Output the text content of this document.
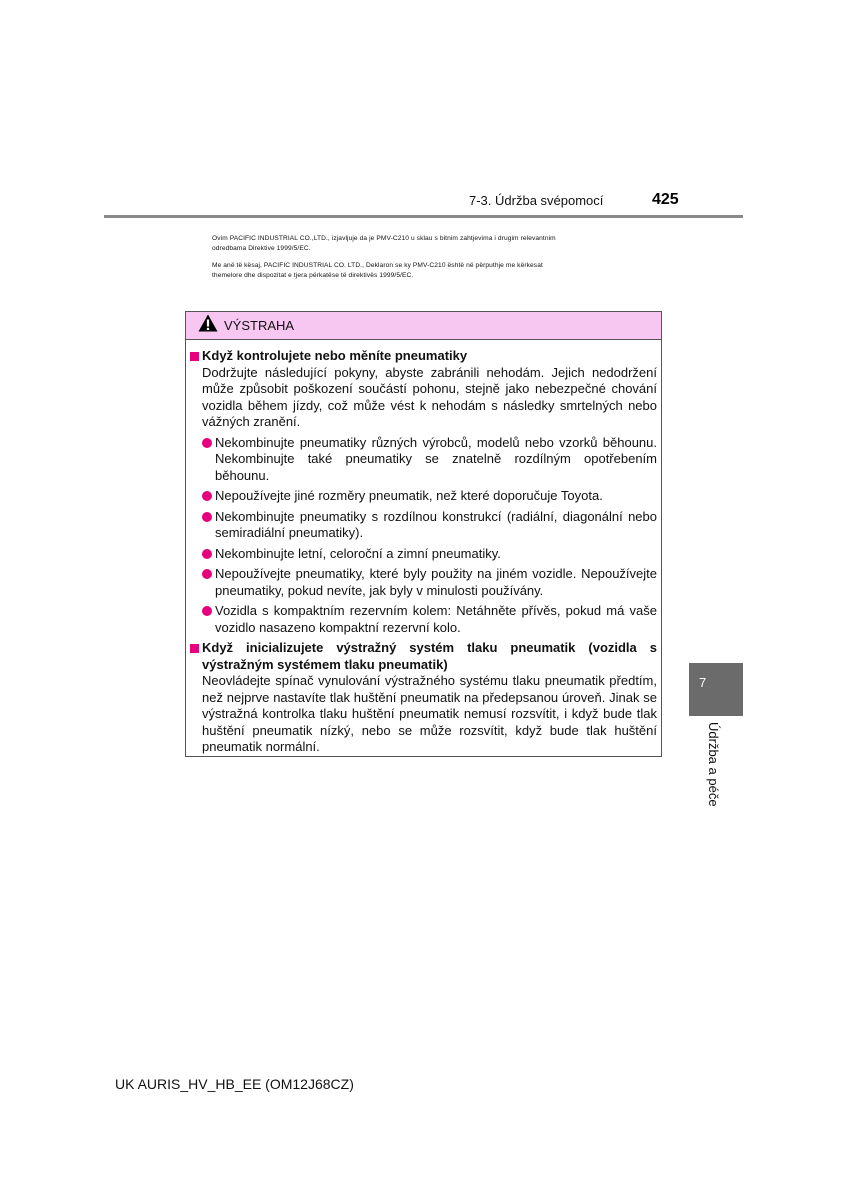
7-3. Údržba svépomocí	425

Ovim PACIFIC INDUSTRIAL CO.,LTD., izjavljuje da je PMV-C210 u sklau s bitnim zahtjevima i drugim relevantnim

odredbama Direktive 1999/5/EC.

Me anë të kësaj, PACIFIC INDUSTRIAL CO. LTD., Deklaron se ky PMV-C210 është në përputhje me kërkesat

themelore dhe dispozitat e tjera përkatëse të direktivës 1999/5/EC.

VÝSTRAHA
Když kontrolujete nebo měníte pneumatiky
Dodržujte následující pokyny, abyste zabránili nehodám. Jejich nedodržení může způsobit poškození součástí pohonu, stejně jako nebezpečné chování vozidla během jízdy, což může vést k nehodám s následky smrtelných nebo vážných zranění.
Nekombinujte pneumatiky různých výrobců, modelů nebo vzorků běhounu. Nekombinujte také pneumatiky se znatelně rozdílným opotřebením běhounu.
Nepoužívejte jiné rozměry pneumatik, než které doporučuje Toyota.
Nekombinujte pneumatiky s rozdílnou konstrukcí (radiální, diagonální nebo semiradiální pneumatiky).
Nekombinujte letní, celoroční a zimní pneumatiky.
Nepoužívejte pneumatiky, které byly použity na jiném vozidle. Nepoužívejte pneumatiky, pokud nevíte, jak byly v minulosti používány.
Vozidla s kompaktním rezervním kolem: Netáhněte přívěs, pokud má vaše vozidlo nasazeno kompaktní rezervní kolo.
Když inicializujete výstražný systém tlaku pneumatik (vozidla s výstražným systémem tlaku pneumatik)
Neovládejte spínač vynulování výstražného systému tlaku pneumatik předtím, než nejprve nastavíte tlak huštění pneumatik na předepsanou úroveň. Jinak se výstražná kontrolka tlaku huštění pneumatik nemusí rozsvítit, i když bude tlak huštění pneumatik nízký, nebo se může rozsvítit, když bude tlak huštění pneumatik normální.
7
Údržba a péče
UK AURIS_HV_HB_EE (OM12J68CZ)
